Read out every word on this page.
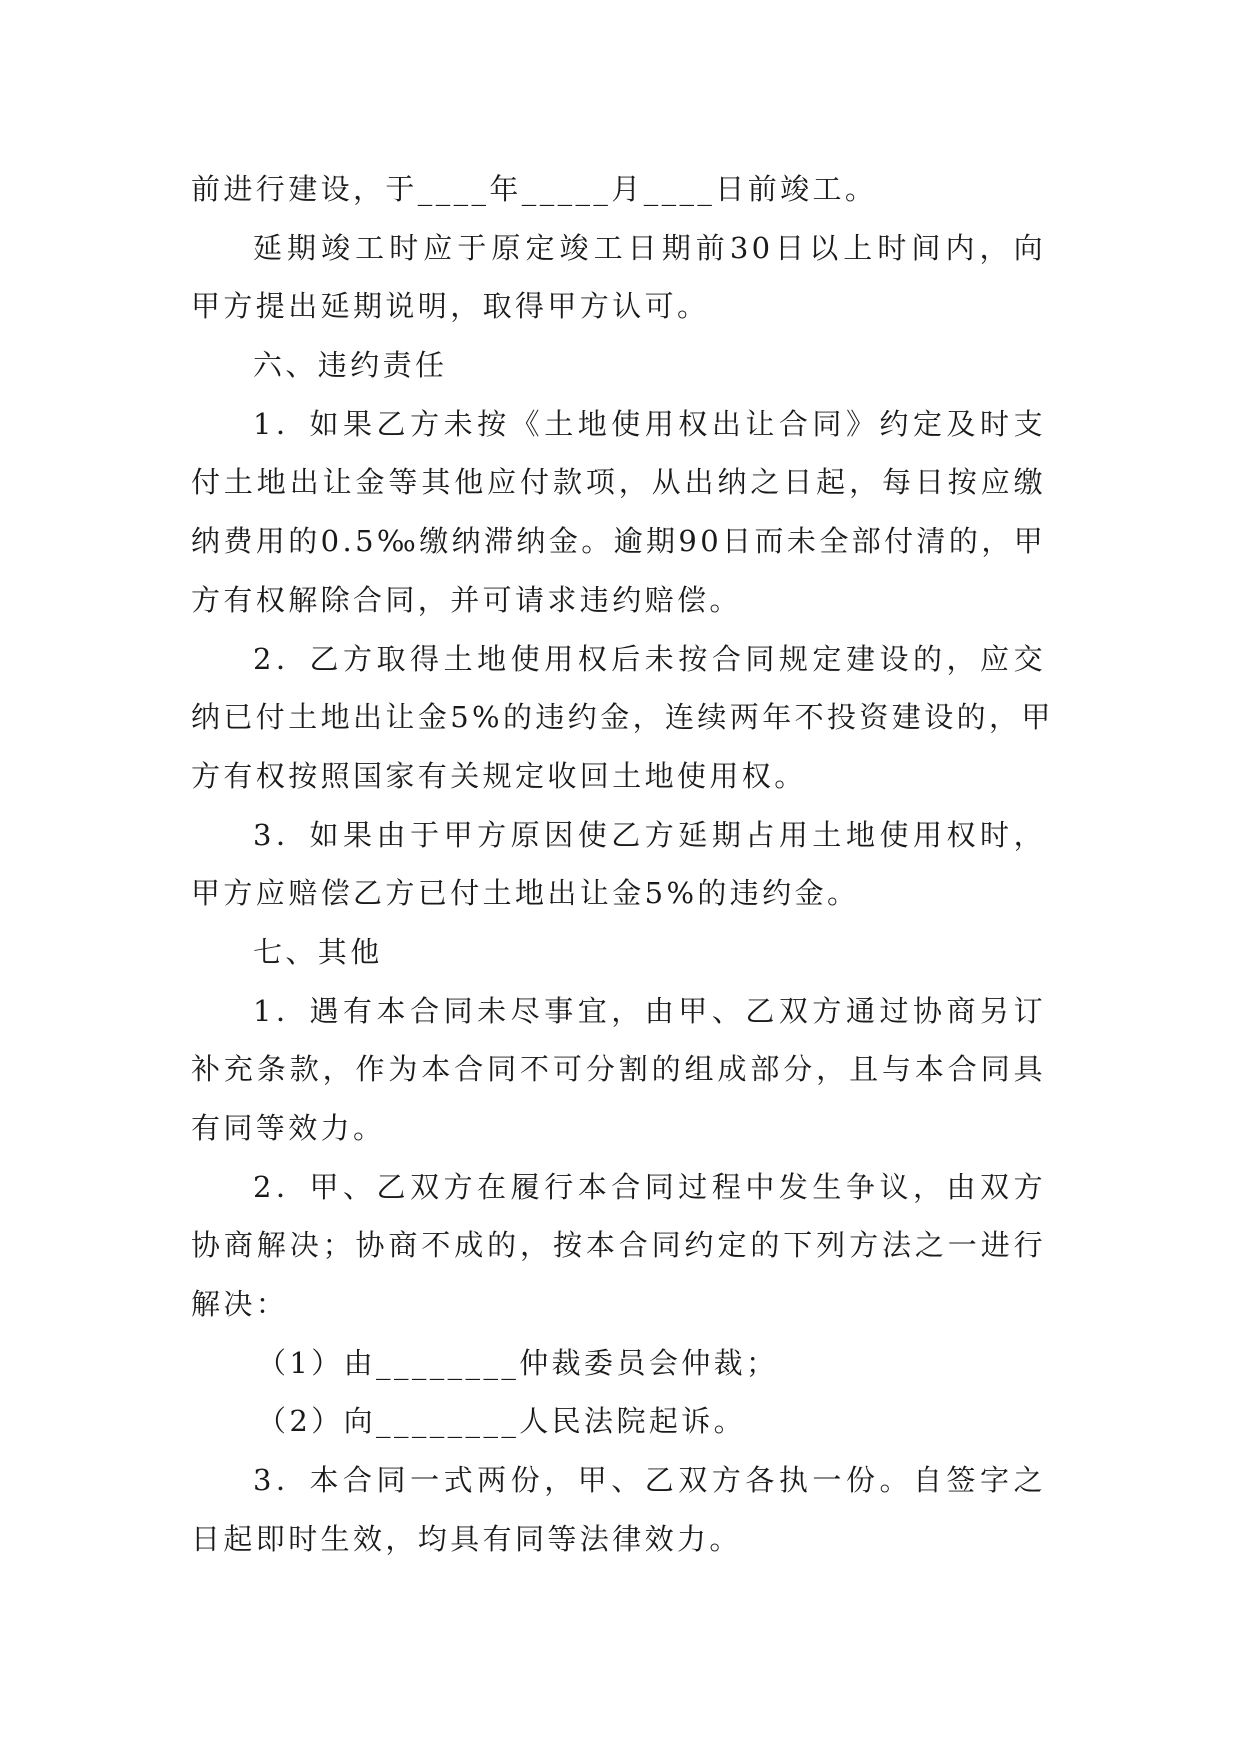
前进行建设，于____年_____月____日前竣工。
延期竣工时应于原定竣工日期前30日以上时间内，向
甲方提出延期说明，取得甲方认可。
六、违约责任
1．如果乙方未按《土地使用权出让合同》约定及时支
付土地出让金等其他应付款项，从出纳之日起，每日按应缴
纳费用的0.5‰缴纳滞纳金。逾期90日而未全部付清的，甲
方有权解除合同，并可请求违约赔偿。
2．乙方取得土地使用权后未按合同规定建设的，应交
纳已付土地出让金5%的违约金，连续两年不投资建设的，甲
方有权按照国家有关规定收回土地使用权。
3．如果由于甲方原因使乙方延期占用土地使用权时，
甲方应赔偿乙方已付土地出让金5%的违约金。
七、其他
1．遇有本合同未尽事宜，由甲、乙双方通过协商另订
补充条款，作为本合同不可分割的组成部分，且与本合同具
有同等效力。
2．甲、乙双方在履行本合同过程中发生争议，由双方
协商解决；协商不成的，按本合同约定的下列方法之一进行
解决：
（1）由________仲裁委员会仲裁；
（2）向________人民法院起诉。
3．本合同一式两份，甲、乙双方各执一份。自签字之
日起即时生效，均具有同等法律效力。
